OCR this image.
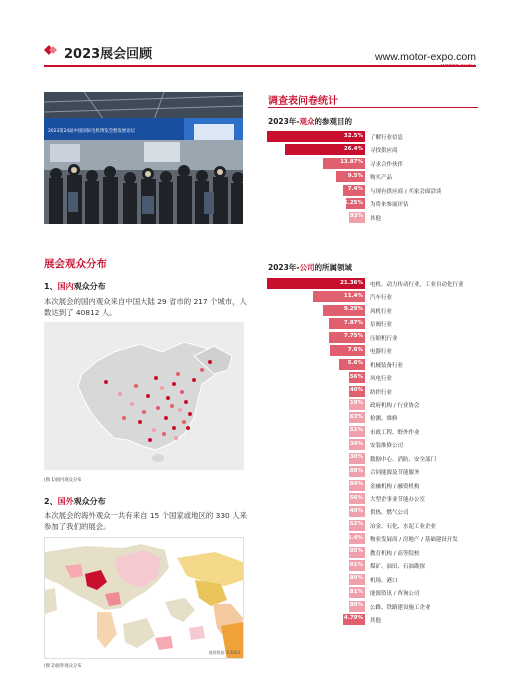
2023展会回顾	www.motor-expo.com
2023第24届中国国际电机博览会暨发展论坛
展会观众分布
1、国内观众分布
本次展会的国内观众来自中国大陆 29 省市的 217 个城市，人数达到了 40812 人。
(图 1)国内观众分布
2、国外观众分布
本次展会的海外观众一共有来自 15 个国家或地区的 330 人来参加了我们的展会。
地图数据 ©2024
(图 2)国外观众分布
调查表问卷统计
2023年-观众的参观目的
32.5% 了解行业信息
26.4% 寻找供应商
13.87% 寻求合作伙伴
9.5% 购买产品
7.4% 与现有供应商 / 买家会面洽谈
6.25% 为将来参展评估
3.93% 其他
2023年-公司的所属领域
21.36% 电机、动力传动行业，工业自动化行业
11.4% 汽车行业
9.29% 风机行业
7.87% 泵阀行业
7.75% 压缩机行业
7.6% 电器行业
5.6% 机械装备行业
3.56% 风电行业
3.40% 纺织行业
3.19% 政府机构 / 行业协会
2.63% 检测、维修
2.51% 市政工程、野外作业
2.34% 安装维修公司
2.30% 数据中心、消防、安全部门
1.88% 合同能源及节能服务
1.84% 金融机构 / 融资机构
1.56% 大型企事业节能办公室
1.48% 供热、燃气公司
1.52% 冶金、石化、水泥工业企业
1.4% 物业发展商 / 房地产 / 基础建设开发
1.05% 教育机构 / 高等院校
1.01% 煤矿、油田、石油勘探
0.89% 机场、港口
0.81% 能源资讯 / 咨询公司
0.80% 公路、铁路建设施工企业
4.79% 其他
